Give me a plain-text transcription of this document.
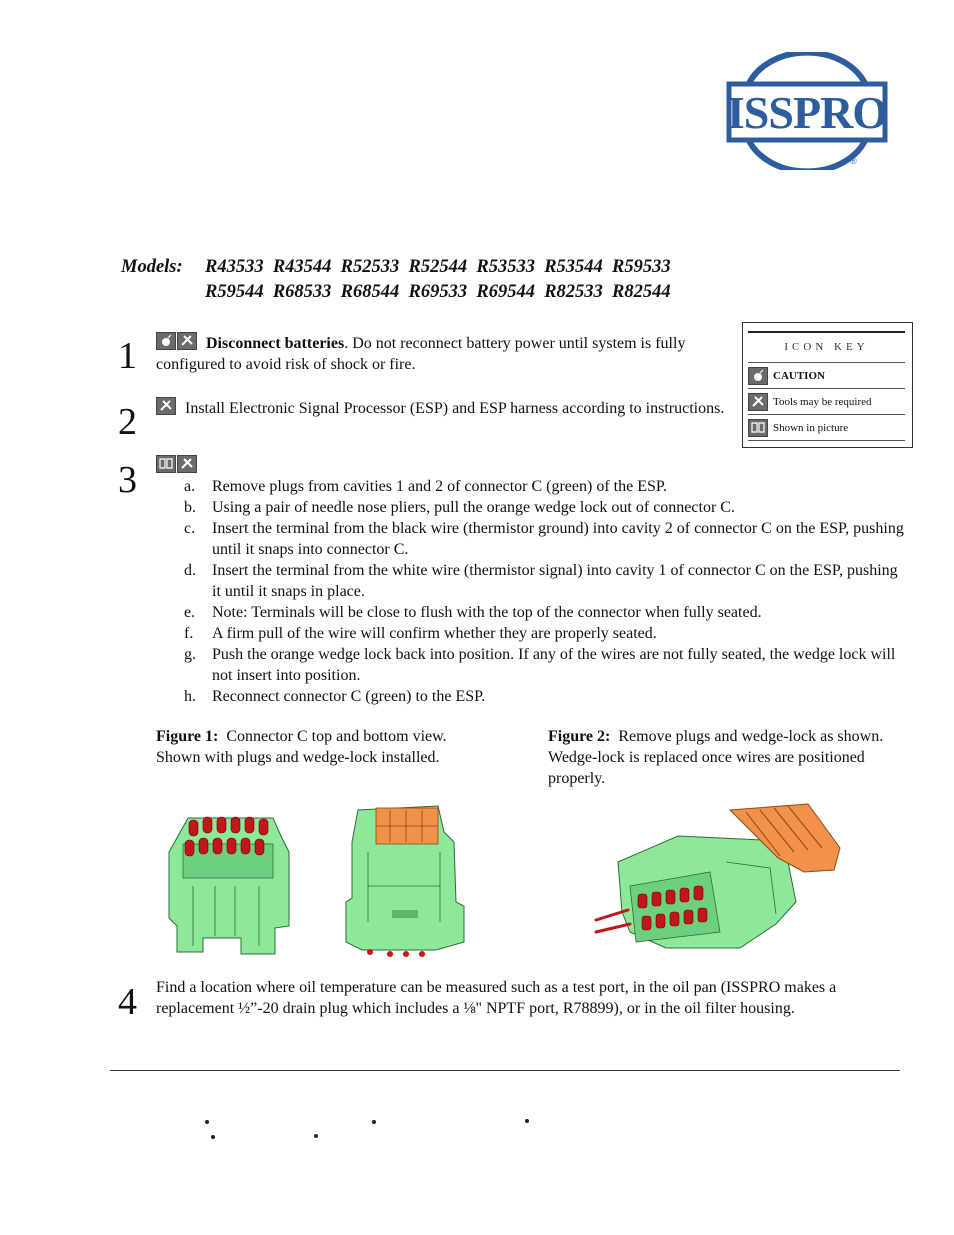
ISSPRO
®
Models: R43533  R43544  R52533  R52544  R53533  R53544  R59533
R59544  R68533  R68544  R69533  R69544  R82533  R82544
ICON KEY
CAUTION
Tools may be required
Shown in picture
1	Disconnect batteries. Do not reconnect battery power until system is fully configured to avoid risk of shock or fire.
2	Install Electronic Signal Processor (ESP) and ESP harness according to instructions.
3	a. Remove plugs from cavities 1 and 2 of connector C (green) of the ESP.
b. Using a pair of needle nose pliers, pull the orange wedge lock out of connector C.
c. Insert the terminal from the black wire (thermistor ground) into cavity 2 of connector C on the ESP, pushing until it snaps into connector C.
d. Insert the terminal from the white wire (thermistor signal) into cavity 1 of connector C on the ESP, pushing it until it snaps in place.
e. Note: Terminals will be close to flush with the top of the connector when fully seated.
f. A firm pull of the wire will confirm whether they are properly seated.
g. Push the orange wedge lock back into position. If any of the wires are not fully seated, the wedge lock will not insert into position.
h. Reconnect connector C (green) to the ESP.
Figure 1:  Connector C top and bottom view.  Shown with plugs and wedge-lock installed.
Figure 2:  Remove plugs and wedge-lock as shown.  Wedge-lock is replaced once wires are positioned properly.
4 Find a location where oil temperature can be measured such as a test port, in the oil pan (ISSPRO makes a replacement ½”-20 drain plug which includes a ⅛" NPTF port, R78899), or in the oil filter housing.
